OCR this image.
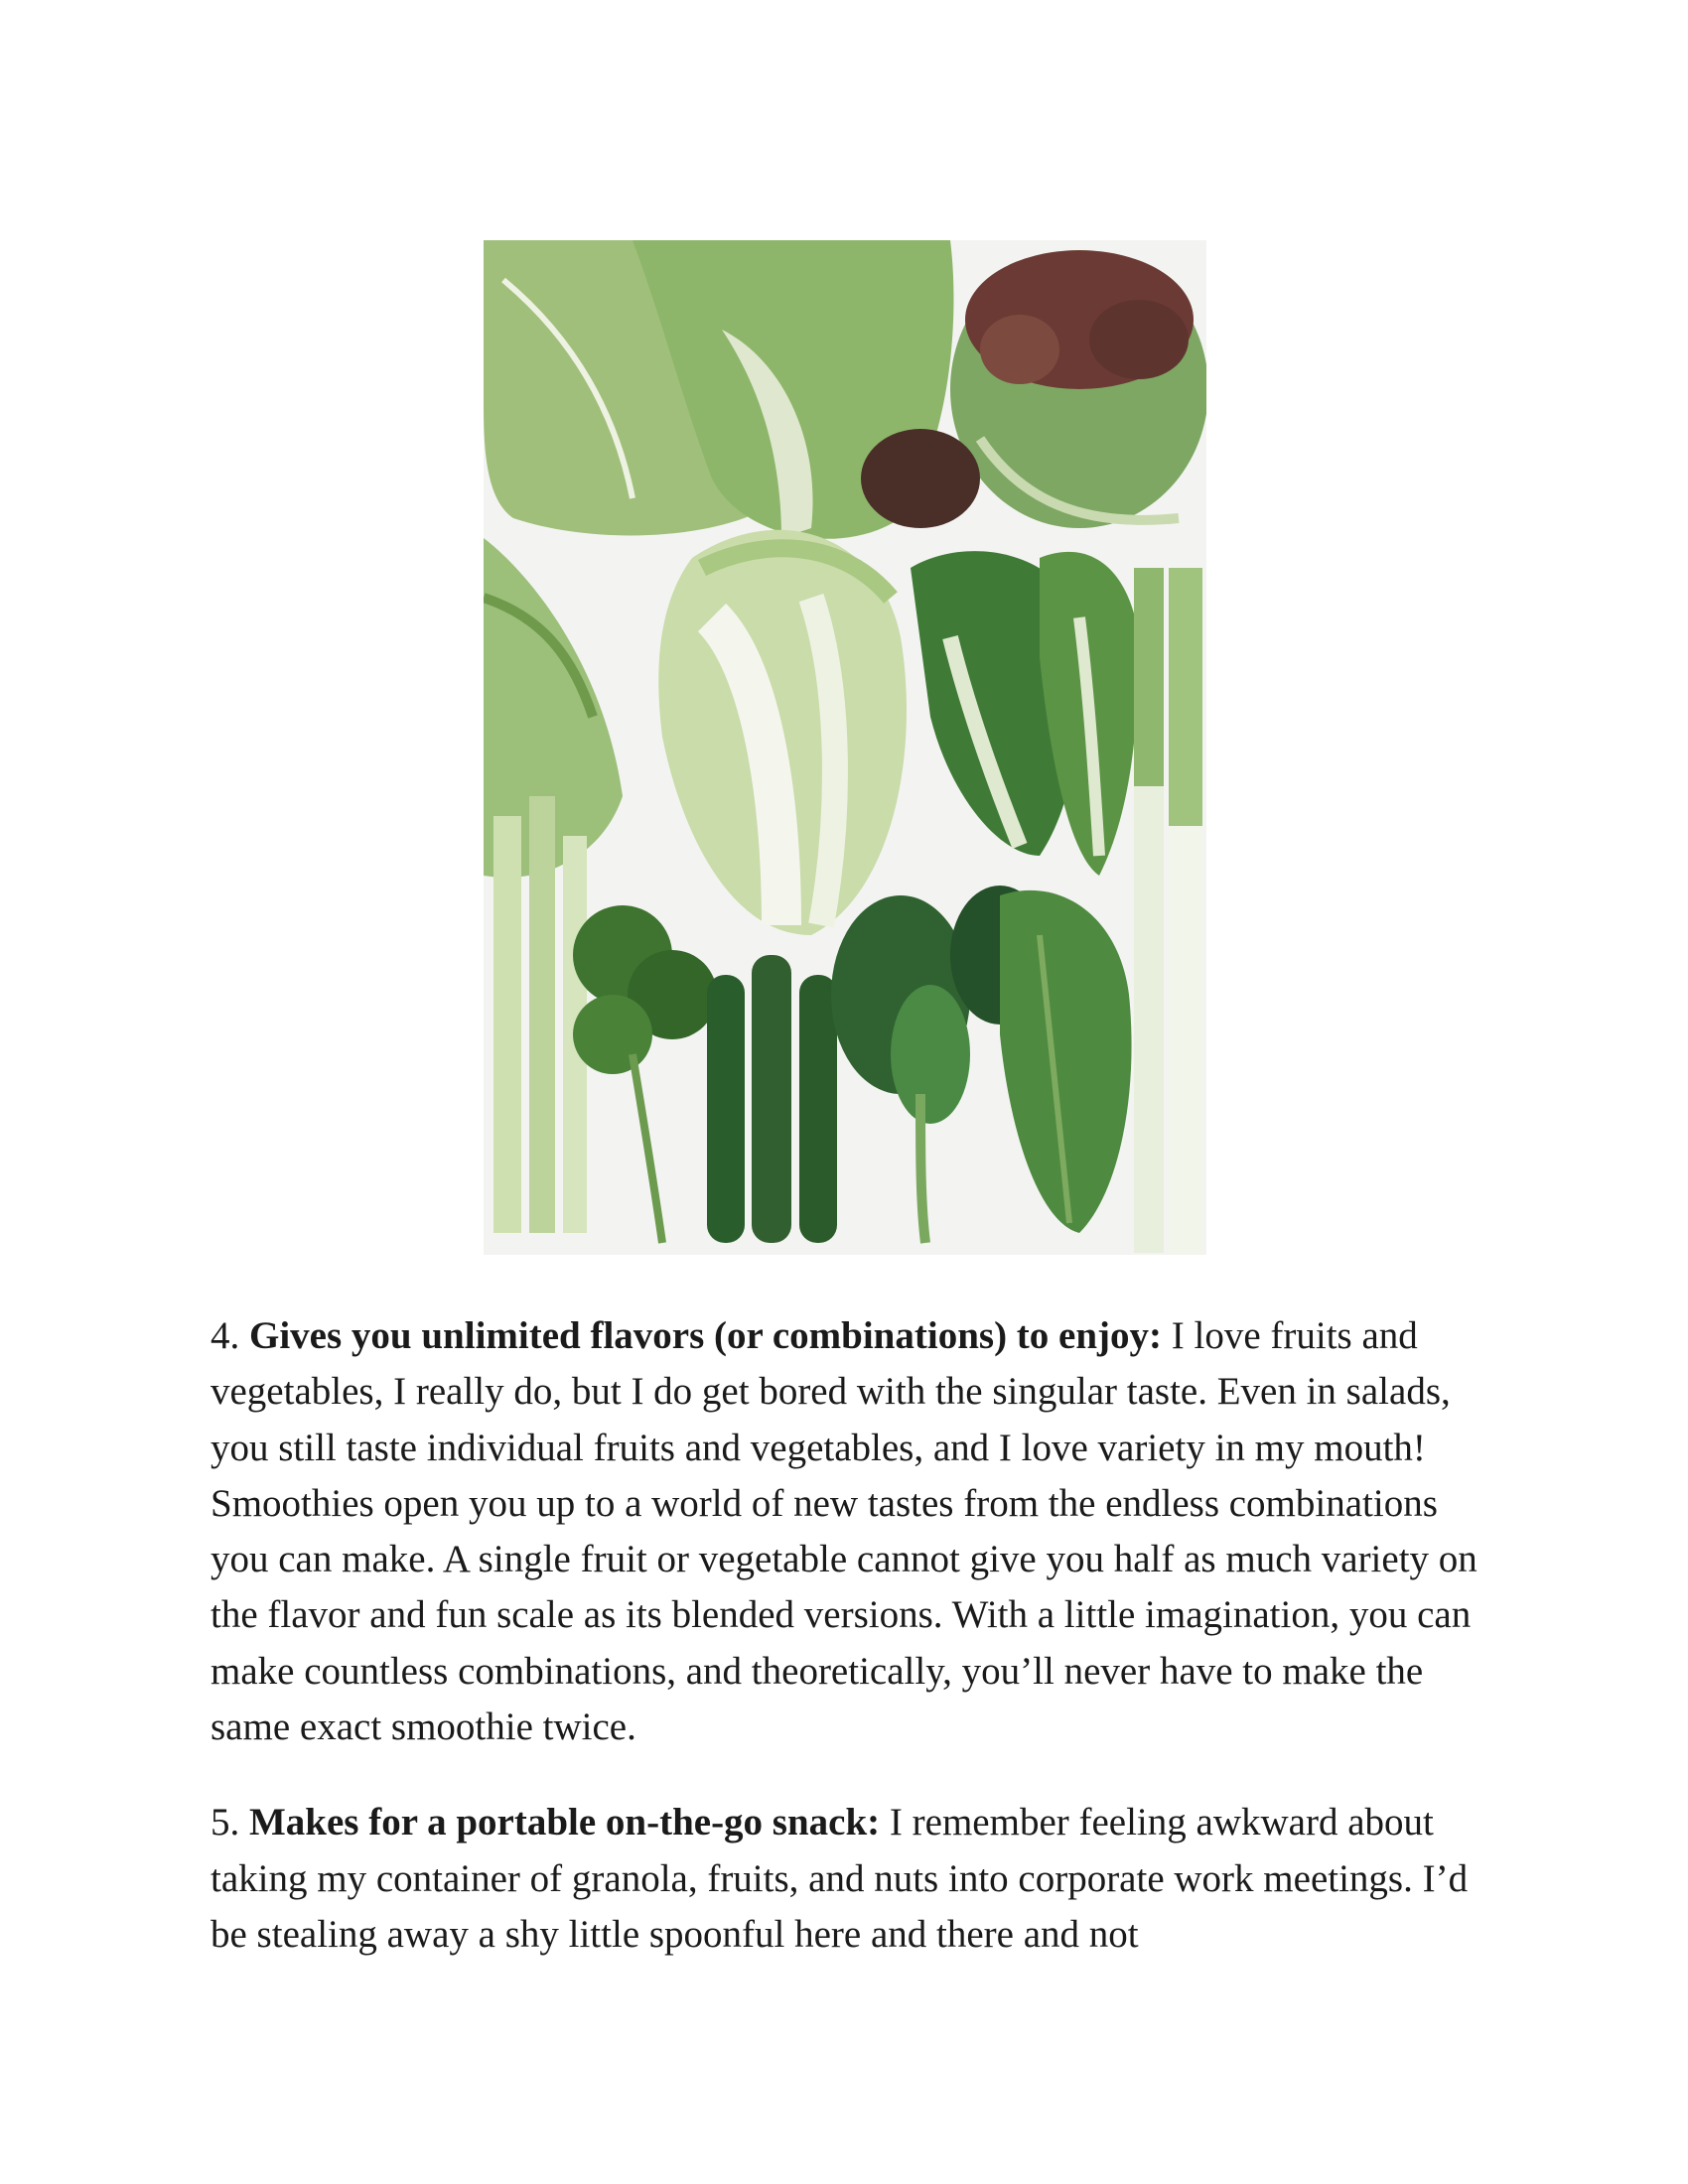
4. Gives you unlimited flavors (or combinations) to enjoy: I love fruits and vegetables, I really do, but I do get bored with the singular taste. Even in salads, you still taste individual fruits and vegetables, and I love variety in my mouth! Smoothies open you up to a world of new tastes from the endless combinations you can make. A single fruit or vegetable cannot give you half as much variety on the flavor and fun scale as its blended versions. With a little imagination, you can make countless combinations, and theoretically, you’ll never have to make the same exact smoothie twice.

5. Makes for a portable on-the-go snack: I remember feeling awkward about taking my container of granola, fruits, and nuts into corporate work meetings. I’d be stealing away a shy little spoonful here and there and not
